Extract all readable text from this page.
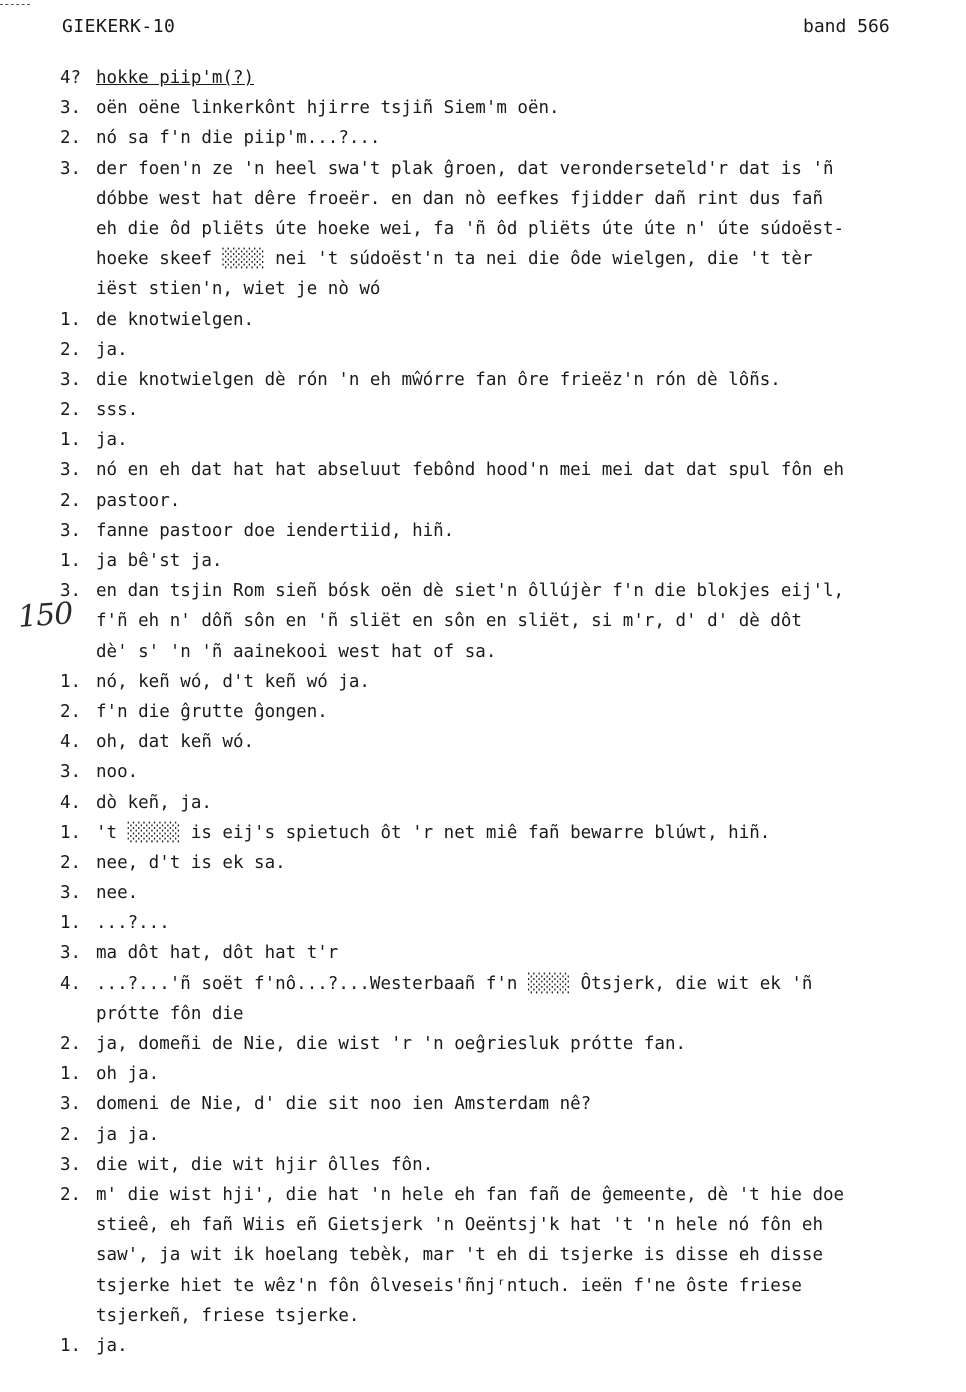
GIEKERK-10	band 566
150
4? hokke piip'm(?)
3. oën oëne linkerkônt hjirre tsjiñ Siem'm oën.
2. nó sa f'n die piip'm...?...
3. der foen'n ze 'n heel swa't plak ĝroen, dat veronderseteld'r dat is 'ñ
dóbbe west hat dêre froeër. en dan nò eefkes fjidder dañ rint dus fañ
eh die ôd pliëts úte hoeke wei, fa 'ñ ôd pliëts úte úte n' úte súdoëst-
hoeke skeef ░░░░ nei 't súdoëst'n ta nei die ôde wielgen, die 't tèr
iëst stien'n, wiet je nò wó
1. de knotwielgen.
2. ja.
3. die knotwielgen dè rón 'n eh mŵórre fan ôre frieëz'n rón dè lôñs.
2. sss.
1. ja.
3. nó en eh dat hat hat abseluut febônd hood'n mei mei dat dat spul fôn eh
2. pastoor.
3. fanne pastoor doe iendertiid, hiñ.
1. ja bê'st ja.
3. en dan tsjin Rom sieñ bósk oën dè siet'n ôllújèr f'n die blokjes eij'l,
f'ñ eh n' dôñ sôn en 'ñ sliët en sôn en sliët, si m'r, d' d' dè dôt
dè' s' 'n 'ñ aainekooi west hat of sa.
1. nó, keñ wó, d't keñ wó ja.
2. f'n die ĝrutte ĝongen.
4. oh, dat keñ wó.
3. noo.
4. dò keñ, ja.
1. 't ░░░░░ is eij's spietuch ôt 'r net miê fañ bewarre blúwt, hiñ.
2. nee, d't is ek sa.
3. nee.
1. ...?...
3. ma dôt hat, dôt hat t'r
4. ...?...'ñ soët f'nô...?...Westerbaañ f'n ░░░░ Ôtsjerk, die wit ek 'ñ
prótte fôn die
2. ja, domeñi de Nie, die wist 'r 'n oeĝriesluk prótte fan.
1. oh ja.
3. domeni de Nie, d' die sit noo ien Amsterdam nê?
2. ja ja.
3. die wit, die wit hjir ôlles fôn.
2. m' die wist hji', die hat 'n hele eh fan fañ de ĝemeente, dè 't hie doe
stieê, eh fañ Wiis eñ Gietsjerk 'n Oeëntsj'k hat 't 'n hele nó fôn eh
saw', ja wit ik hoelang tebèk, mar 't eh di tsjerke is disse eh disse
tsjerke hiet te wêz'n fôn ôlveseis'ñnjʳntuch. ieën f'ne ôste friese
tsjerkeñ, friese tsjerke.
1. ja.
